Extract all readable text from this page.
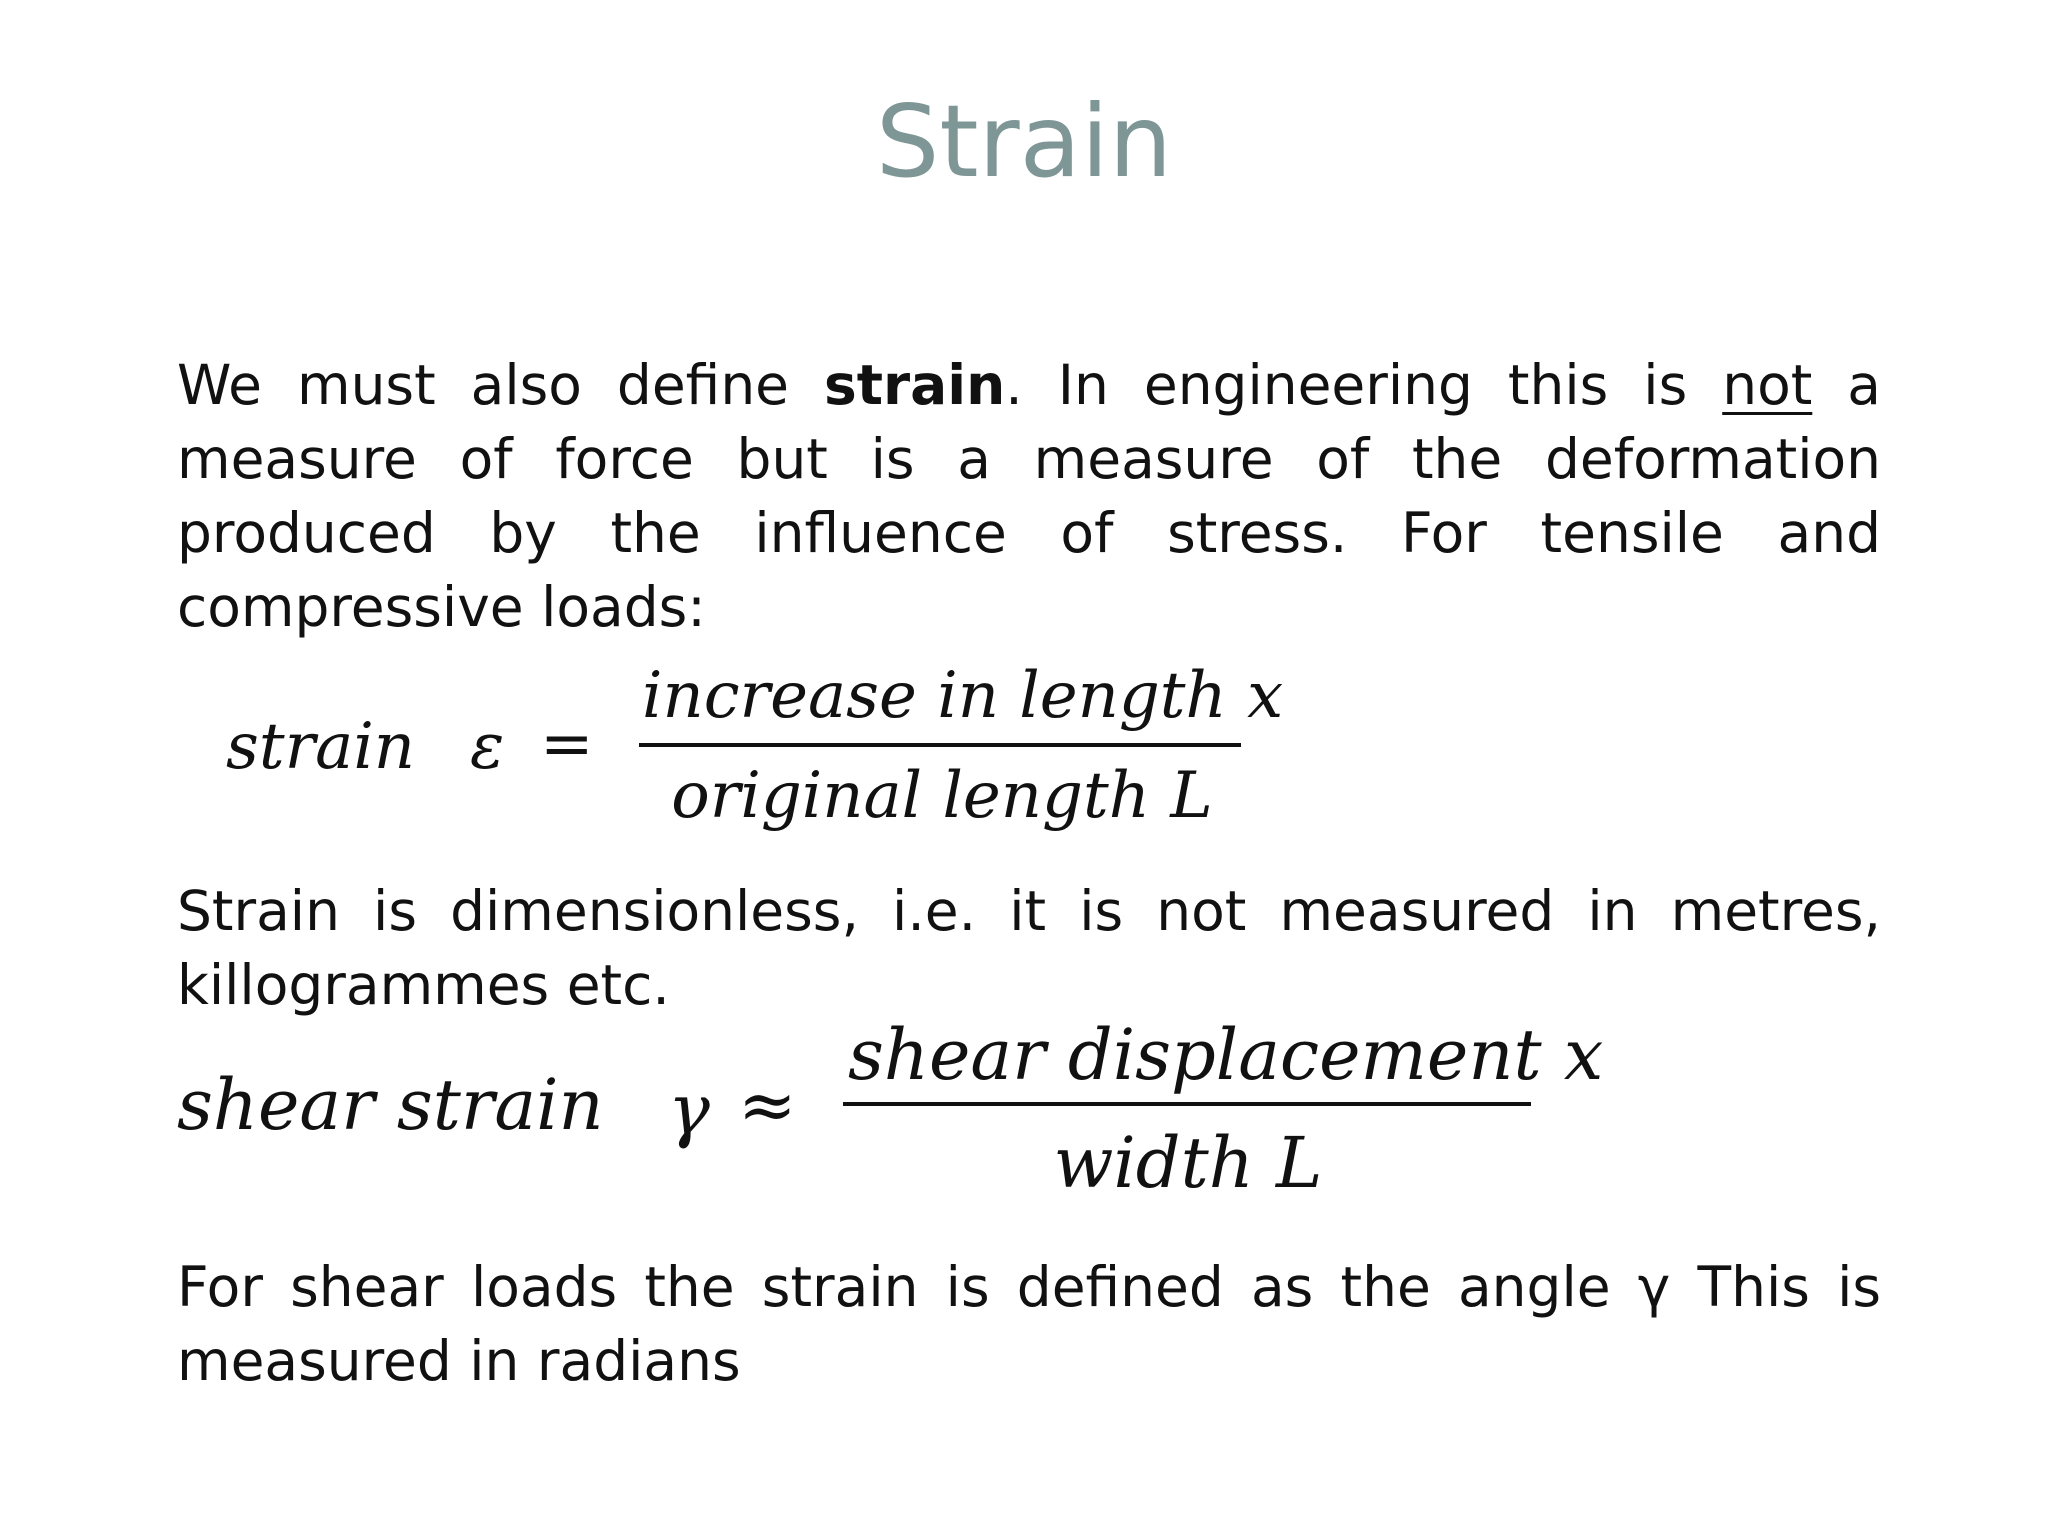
Strain

We must also define strain. In engineering this is not a measure of force but is a measure of the deformation produced by the influence of stress. For tensile and compressive loads:

strain ε =
increase in length x
original length L

Strain is dimensionless, i.e. it is not measured in metres, killogrammes etc.

shear strain γ ≈
shear displacement x
width L

For shear loads the strain is defined as the angle γ This is measured in radians
